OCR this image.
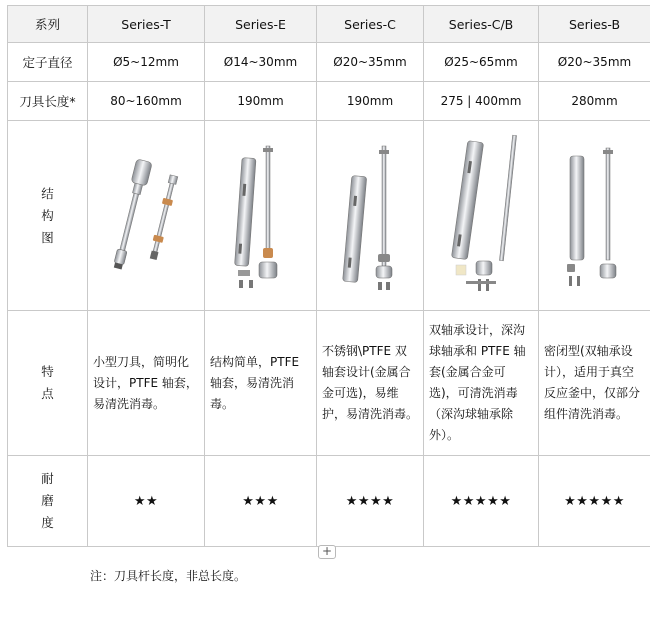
系列	Series-T	Series-E	Series-C	Series-C/B	Series-B
定子直径	Ø5~12mm	Ø14~30mm	Ø20~35mm	Ø25~65mm	Ø20~35mm
刀具长度*	80~160mm	190mm	190mm	275 | 400mm	280mm
结构图	

特点	小型刀具，简明化设计，PTFE 轴套，易清洗消毒。	结构简单，PTFE 轴套，易清洗消毒。	不锈钢\PTFE 双轴套设计(金属合金可选)，易维护，易清洗消毒。	双轴承设计，深沟球轴承和 PTFE 轴套(金属合金可选)，可清洗消毒（深沟球轴承除外）。	密闭型(双轴承设计），适用于真空反应釜中，仅部分组件清洗消毒。
耐磨度	★★	★★★	★★★★	★★★★★	★★★★★
+
注：刀具杆长度，非总长度。
